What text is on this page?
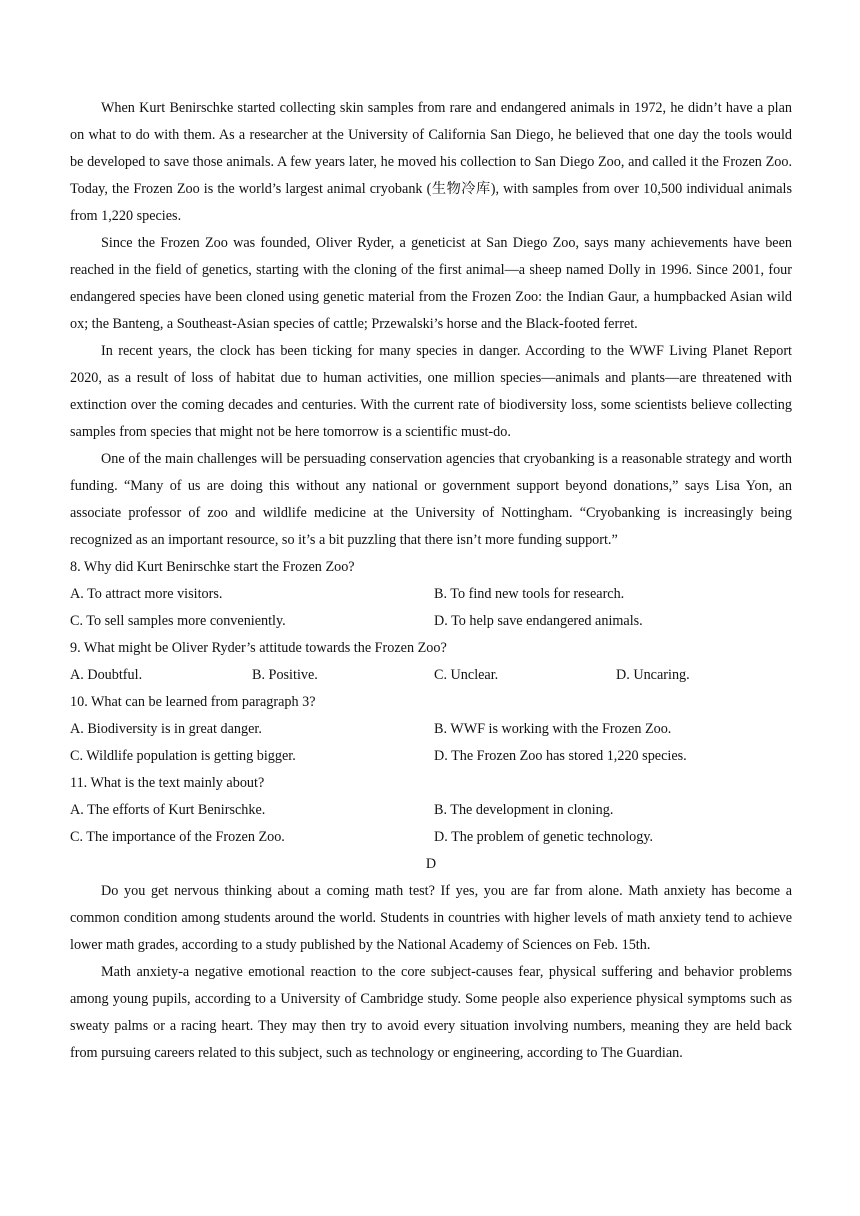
When Kurt Benirschke started collecting skin samples from rare and endangered animals in 1972, he didn’t have a plan on what to do with them. As a researcher at the University of California San Diego, he believed that one day the tools would be developed to save those animals. A few years later, he moved his collection to San Diego Zoo, and called it the Frozen Zoo. Today, the Frozen Zoo is the world’s largest animal cryobank (生物冷库), with samples from over 10,500 individual animals from 1,220 species.

Since the Frozen Zoo was founded, Oliver Ryder, a geneticist at San Diego Zoo, says many achievements have been reached in the field of genetics, starting with the cloning of the first animal—a sheep named Dolly in 1996. Since 2001, four endangered species have been cloned using genetic material from the Frozen Zoo: the Indian Gaur, a humpbacked Asian wild ox; the Banteng, a Southeast-Asian species of cattle; Przewalski’s horse and the Black-footed ferret.

In recent years, the clock has been ticking for many species in danger. According to the WWF Living Planet Report 2020, as a result of loss of habitat due to human activities, one million species—animals and plants—are threatened with extinction over the coming decades and centuries. With the current rate of biodiversity loss, some scientists believe collecting samples from species that might not be here tomorrow is a scientific must-do.

One of the main challenges will be persuading conservation agencies that cryobanking is a reasonable strategy and worth funding. “Many of us are doing this without any national or government support beyond donations,” says Lisa Yon, an associate professor of zoo and wildlife medicine at the University of Nottingham. “Cryobanking is increasingly being recognized as an important resource, so it’s a bit puzzling that there isn’t more funding support.”

8. Why did Kurt Benirschke start the Frozen Zoo?
A. To attract more visitors.	B. To find new tools for research.
C. To sell samples more conveniently.	D. To help save endangered animals.
9. What might be Oliver Ryder’s attitude towards the Frozen Zoo?
A. Doubtful.	B. Positive.	C. Unclear.	D. Uncaring.
10. What can be learned from paragraph 3?
A. Biodiversity is in great danger.	B. WWF is working with the Frozen Zoo.
C. Wildlife population is getting bigger.	D. The Frozen Zoo has stored 1,220 species.
11. What is the text mainly about?
A. The efforts of Kurt Benirschke.	B. The development in cloning.
C. The importance of the Frozen Zoo.	D. The problem of genetic technology.
D

Do you get nervous thinking about a coming math test? If yes, you are far from alone. Math anxiety has become a common condition among students around the world. Students in countries with higher levels of math anxiety tend to achieve lower math grades, according to a study published by the National Academy of Sciences on Feb. 15th.

Math anxiety-a negative emotional reaction to the core subject-causes fear, physical suffering and behavior problems among young pupils, according to a University of Cambridge study. Some people also experience physical symptoms such as sweaty palms or a racing heart. They may then try to avoid every situation involving numbers, meaning they are held back from pursuing careers related to this subject, such as technology or engineering, according to The Guardian.
